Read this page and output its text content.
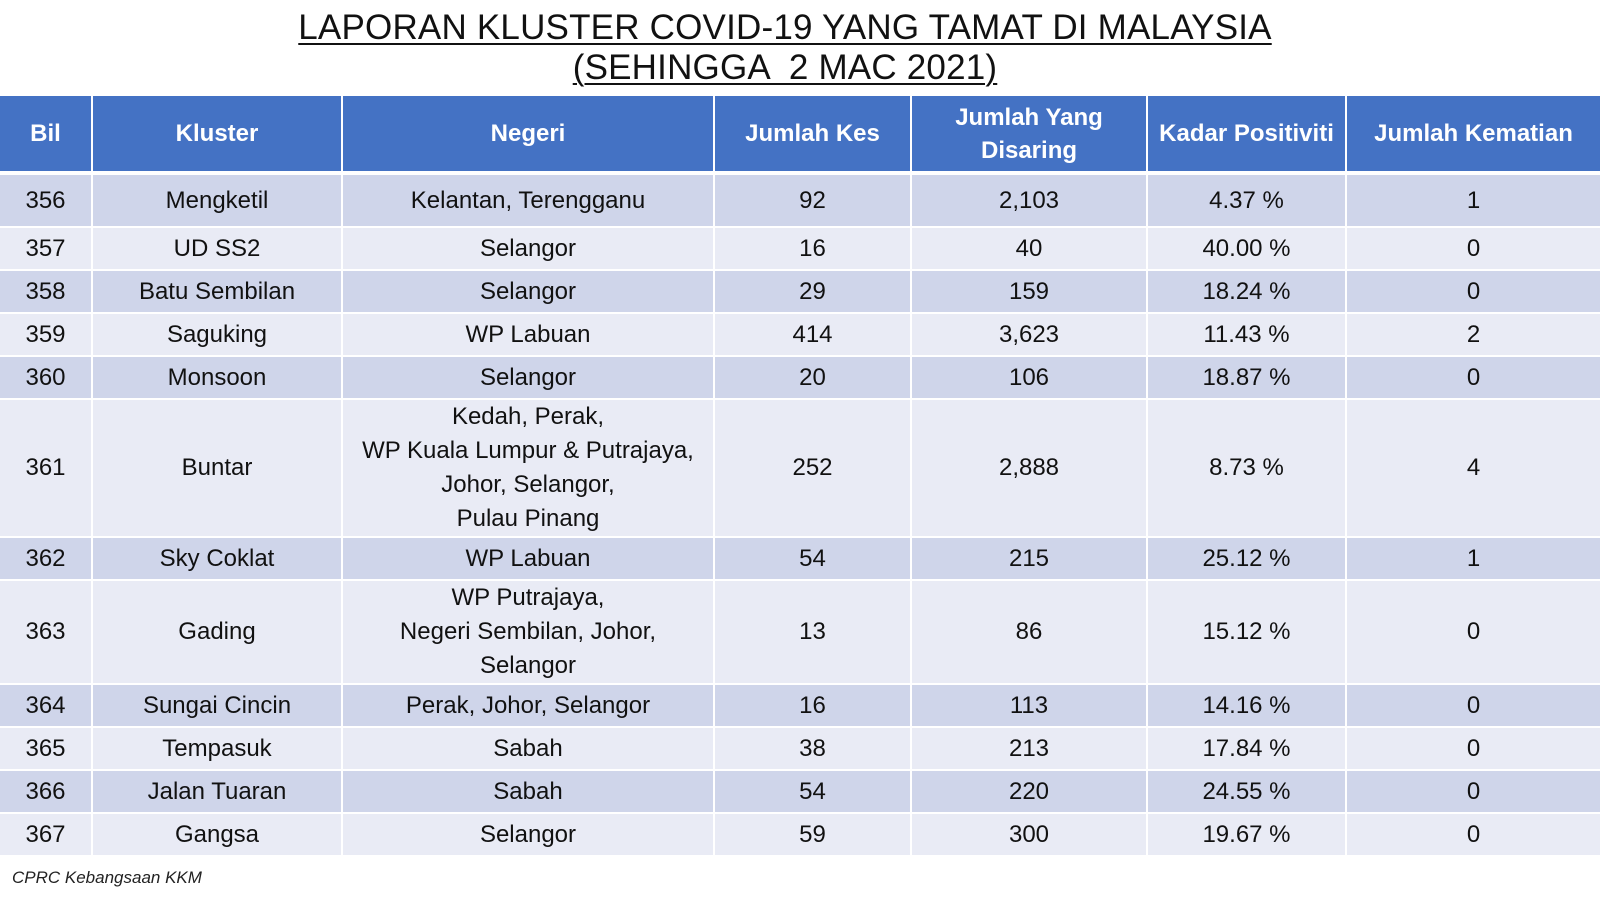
LAPORAN KLUSTER COVID-19 YANG TAMAT DI MALAYSIA
(SEHINGGA  2 MAC 2021)
Bil	Kluster	Negeri	Jumlah Kes	Jumlah Yang Disaring	Kadar Positiviti	Jumlah Kematian
356	Mengketil	Kelantan, Terengganu	92	2,103	4.37 %	1
357	UD SS2	Selangor	16	40	40.00 %	0
358	Batu Sembilan	Selangor	29	159	18.24 %	0
359	Saguking	WP Labuan	414	3,623	11.43 %	2
360	Monsoon	Selangor	20	106	18.87 %	0
361	Buntar	Kedah, Perak,
WP Kuala Lumpur & Putrajaya,
Johor, Selangor,
Pulau Pinang	252	2,888	8.73 %	4
362	Sky Coklat	WP Labuan	54	215	25.12 %	1
363	Gading	WP Putrajaya,
Negeri Sembilan, Johor,
Selangor	13	86	15.12 %	0
364	Sungai Cincin	Perak, Johor, Selangor	16	113	14.16 %	0
365	Tempasuk	Sabah	38	213	17.84 %	0
366	Jalan Tuaran	Sabah	54	220	24.55 %	0
367	Gangsa	Selangor	59	300	19.67 %	0
CPRC Kebangsaan KKM
